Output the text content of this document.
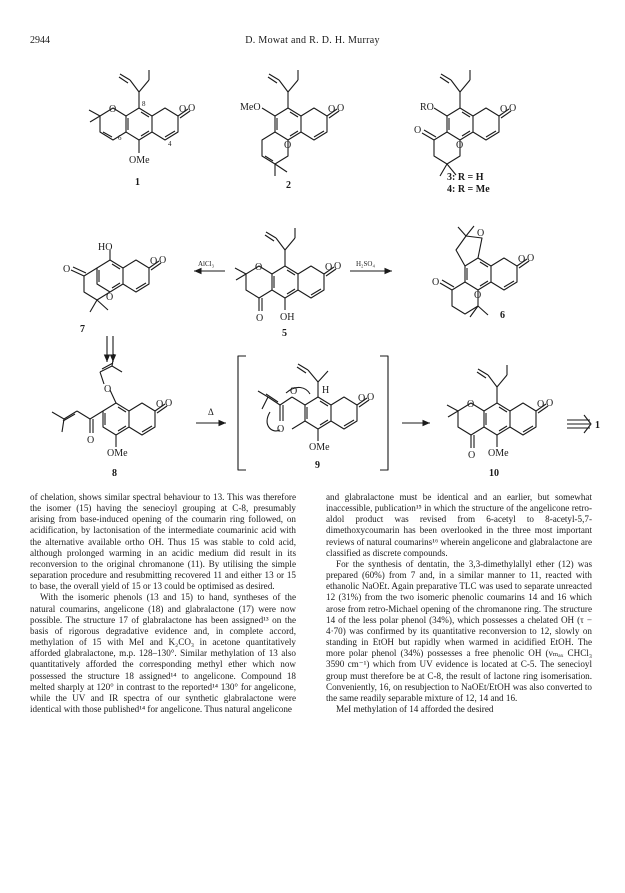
2944	D. Mowat and R. D. H. Murray
O O
O
OMe
8
6
4
1
MeO	O O
O
2
RO	O O
O
O
3: R = H
4: R = Me
HO
O O
O
O
7
AlCl₃	O O
O
O OH
5
H₂SO₄
O
O O
O
O
6
O
O O
O
OMe
8
Δ
O
O O
O
H
OMe
9
O O
O
O OMe
10
1

of chelation, shows similar spectral behaviour to 13. This was therefore the isomer (15) having the senecioyl grouping at C-8, presumably arising from base-induced opening of the coumarin ring followed, on acidification, by lactonisation of the intermediate coumarinic acid with the alternative available ortho OH. Thus 15 was stable to cold acid, although prolonged warming in an acidic medium did result in its reconversion to the original chromanone (11). By utilising the simple separation procedure and resubmitting recovered 11 and either 13 or 15 to base, the overall yield of 15 or 13 could be optimised as desired.

With the isomeric phenols (13 and 15) to hand, syntheses of the natural coumarins, angelicone (18) and glabralactone (17) were now possible. The structure 17 of glabralactone has been assigned¹³ on the basis of rigorous degradative evidence and, in complete accord, methylation of 15 with MeI and K₂CO₃ in acetone quantitatively afforded glabralactone, m.p. 128–130°. Similar methylation of 13 also quantitatively afforded the corresponding methyl ether which now possessed the structure 18 assigned¹⁴ to angelicone. Compound 18 melted sharply at 120° in contrast to the reported¹⁴ 130° for angelicone, while the UV and IR spectra of our synthetic glabralactone were identical with those published¹⁴ for angelicone. Thus natural angelicone

and glabralactone must be identical and an earlier, but somewhat inaccessible, publication¹⁵ in which the structure of the angelicone retro-aldol product was revised from 6-acetyl to 8-acetyl-5,7-dimethoxycoumarin has been overlooked in the three most important reviews of natural coumarins¹⁶ wherein angelicone and glabralactone are classified as discrete compounds.

For the synthesis of dentatin, the 3,3-dimethylallyl ether (12) was prepared (60%) from 7 and, in a similar manner to 11, reacted with ethanolic NaOEt. Again preparative TLC was used to separate unreacted 12 (31%) from the two isomeric phenolic coumarins 14 and 16 which arose from retro-Michael opening of the chromanone ring. The structure 14 of the less polar phenol (34%), which possesses a chelated OH (τ − 4·70) was confirmed by its quantitative reconversion to 12, slowly on standing in EtOH but rapidly when warmed in acidified EtOH. The more polar phenol (34%) possesses a free phenolic OH (νₘₐₓ CHCl₃ 3590 cm⁻¹) which from UV evidence is located at C-5. The senecioyl group must therefore be at C-8, the result of lactone ring isomerisation. Conveniently, 16, on resubjection to NaOEt/EtOH was also converted to the same readily separable mixture of 12, 14 and 16.

MeI methylation of 14 afforded the desired
